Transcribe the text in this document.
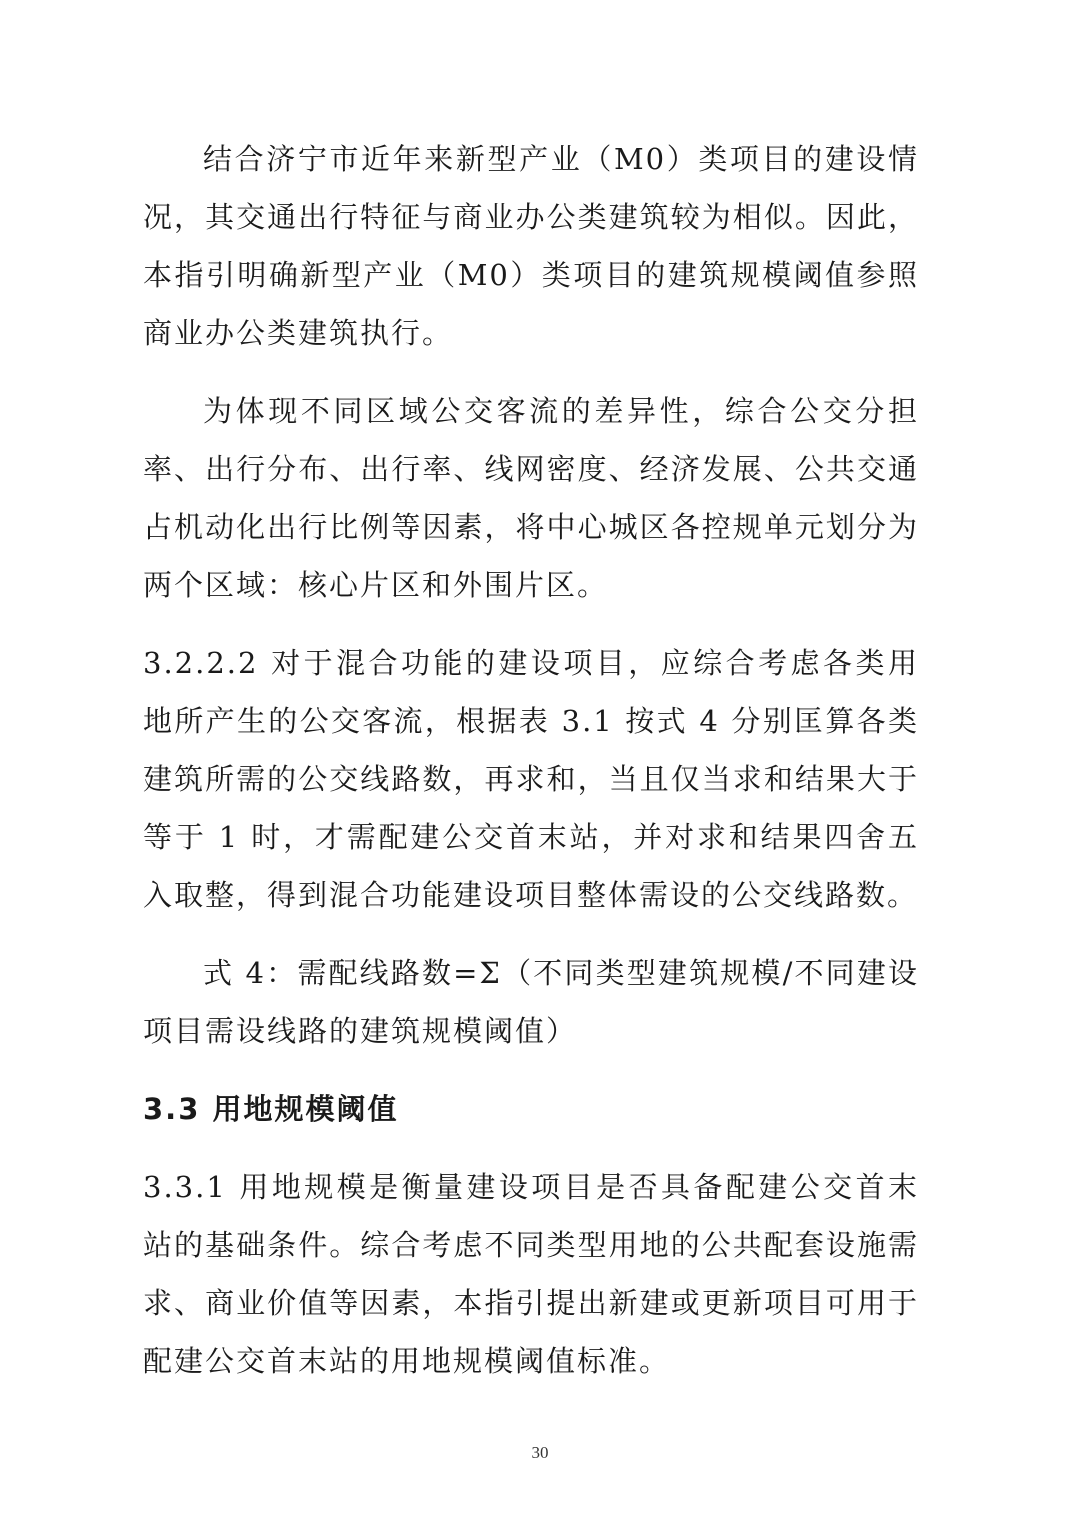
结合济宁市近年来新型产业（M0）类项目的建设情况，其交通出行特征与商业办公类建筑较为相似。因此，本指引明确新型产业（M0）类项目的建筑规模阈值参照商业办公类建筑执行。

为体现不同区域公交客流的差异性，综合公交分担率、出行分布、出行率、线网密度、经济发展、公共交通占机动化出行比例等因素，将中心城区各控规单元划分为两个区域：核心片区和外围片区。

3.2.2.2 对于混合功能的建设项目，应综合考虑各类用地所产生的公交客流，根据表 3.1 按式 4 分别匡算各类建筑所需的公交线路数，再求和，当且仅当求和结果大于等于 1 时，才需配建公交首末站，并对求和结果四舍五入取整，得到混合功能建设项目整体需设的公交线路数。

式 4：需配线路数=Σ（不同类型建筑规模/不同建设项目需设线路的建筑规模阈值）

3.3 用地规模阈值

3.3.1 用地规模是衡量建设项目是否具备配建公交首末站的基础条件。综合考虑不同类型用地的公共配套设施需求、商业价值等因素，本指引提出新建或更新项目可用于配建公交首末站的用地规模阈值标准。

30
